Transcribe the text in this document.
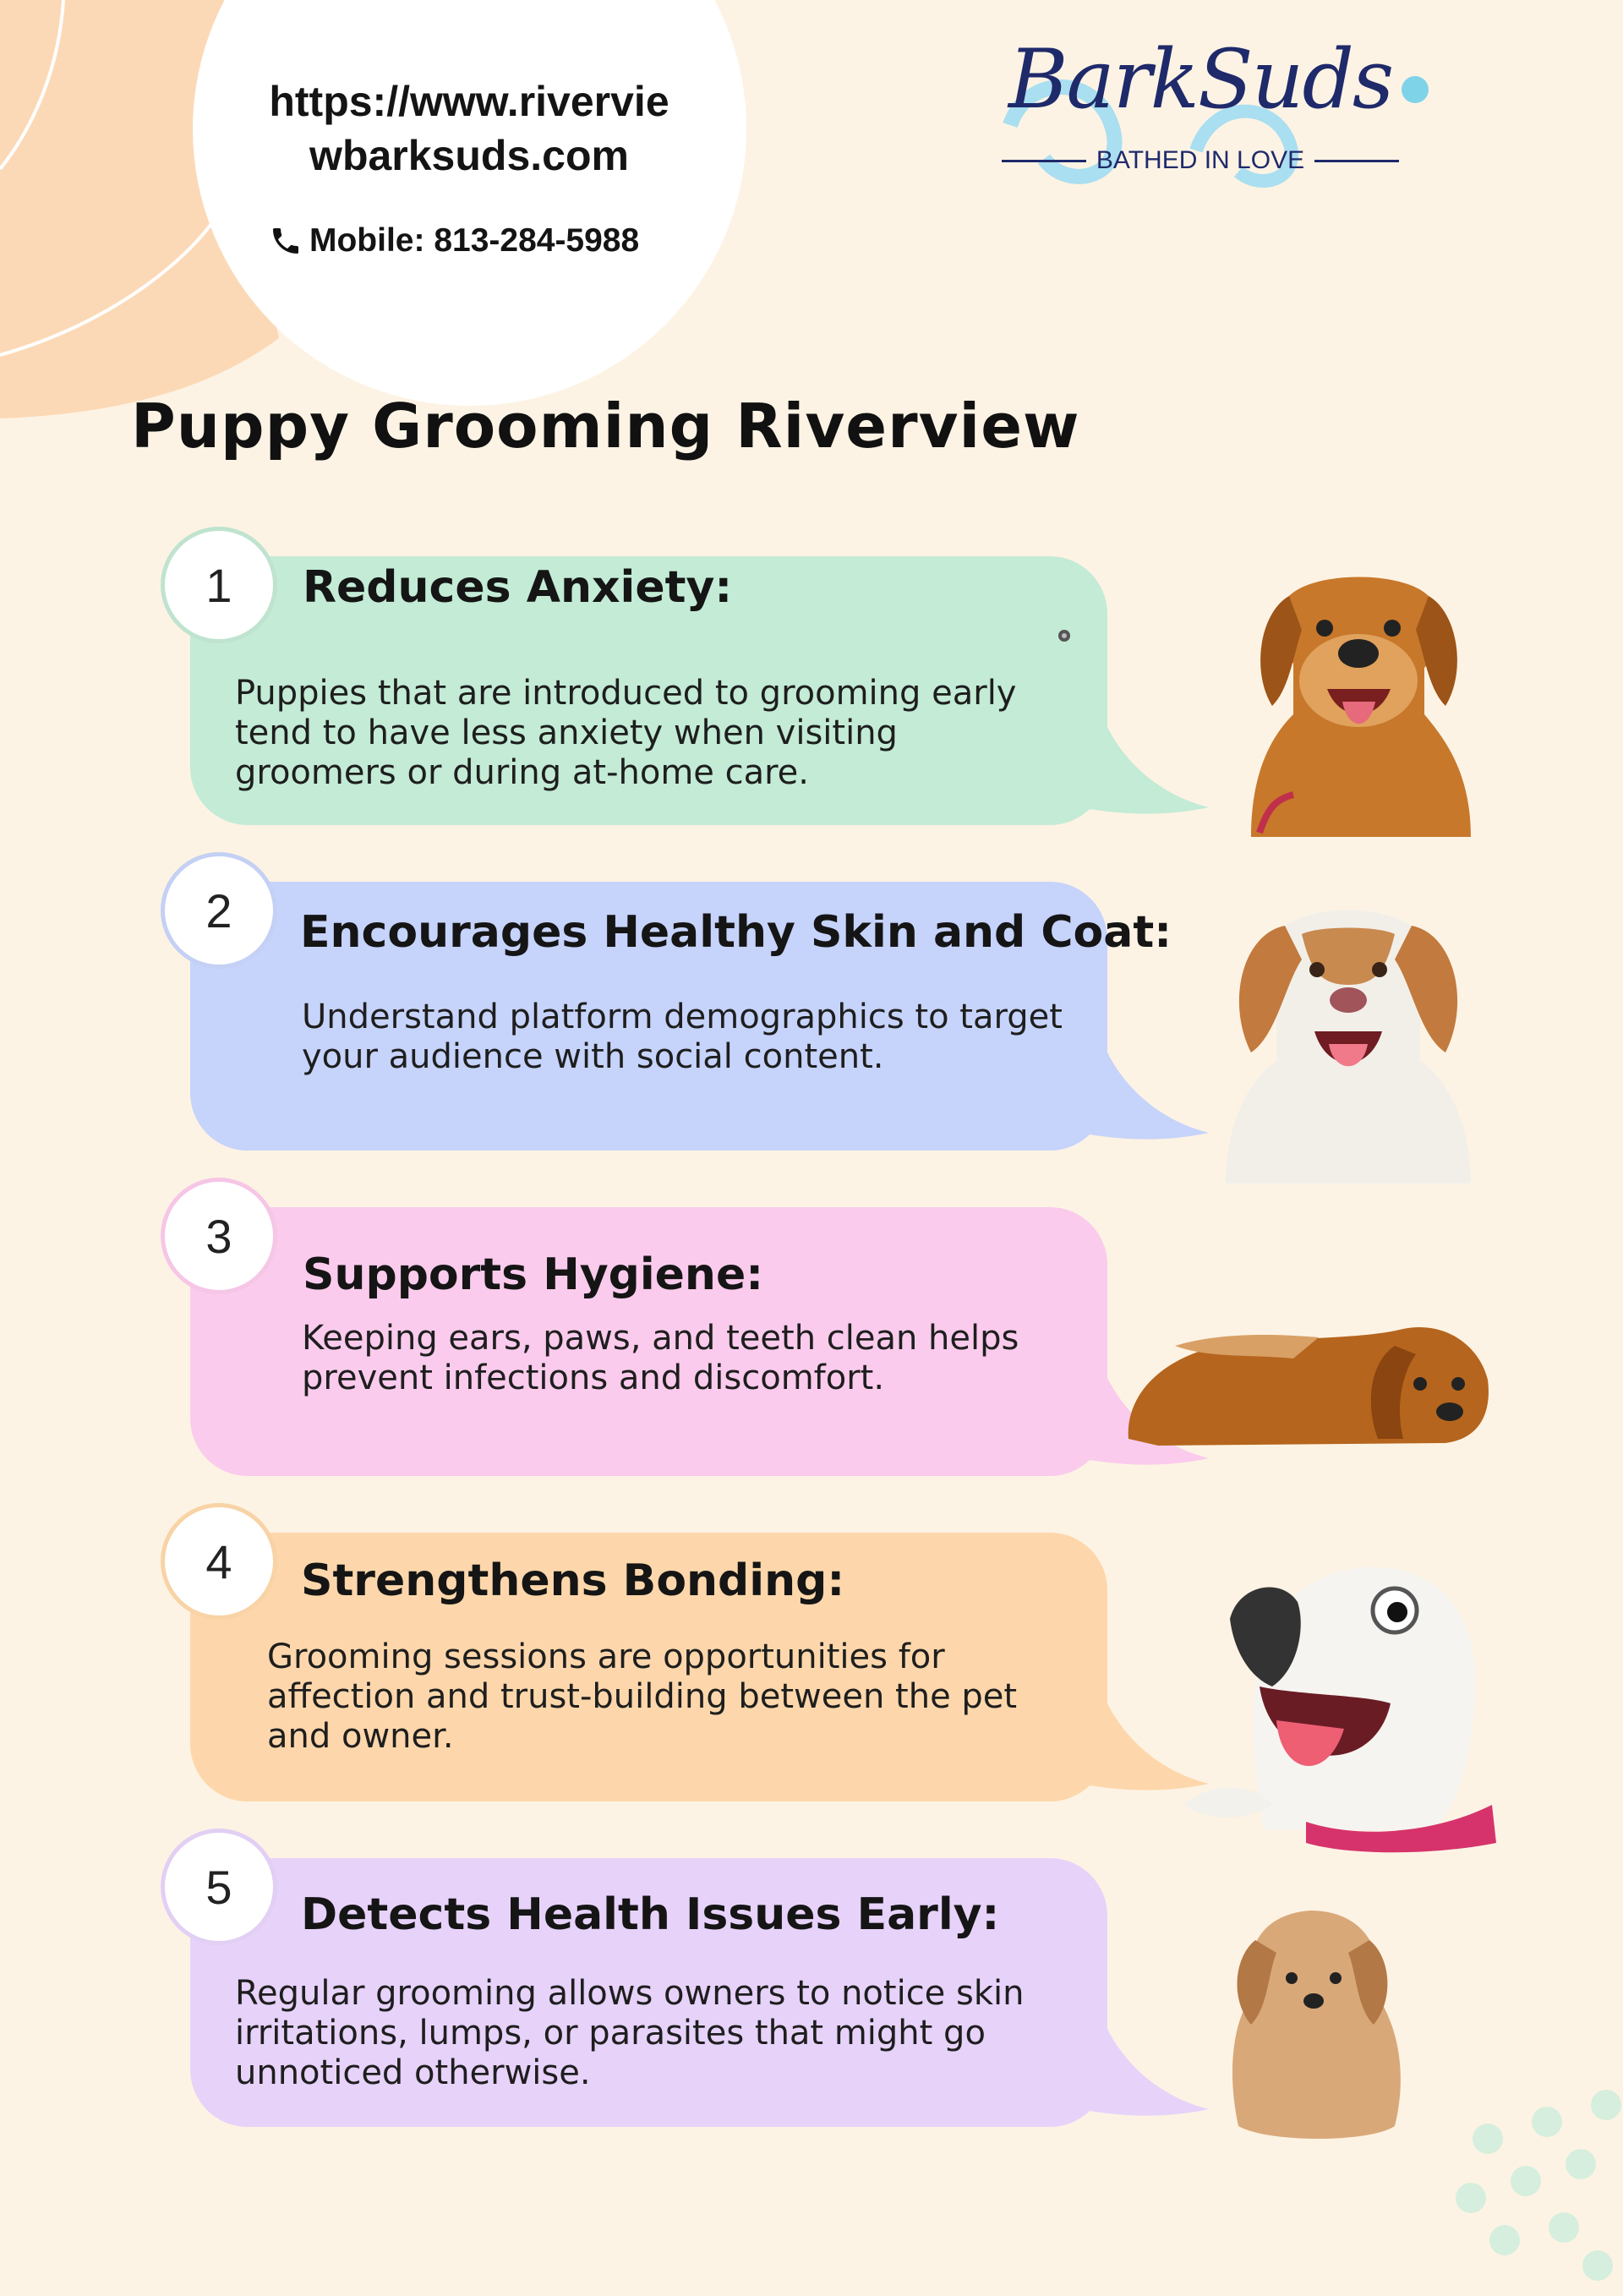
https://www.rivervie
wbarksuds.com
Mobile: 813-284-5988
BarkSuds
BATHED IN LOVE
Puppy Grooming Riverview
1	Reduces Anxiety:
Puppies that are introduced to grooming early
tend to have less anxiety when visiting
groomers or during at-home care.
2	Encourages Healthy Skin and Coat:
Understand platform demographics to target
your audience with social content.
3
Supports Hygiene:
Keeping ears, paws, and teeth clean helps
prevent infections and discomfort.
4	Strengthens Bonding:
Grooming sessions are opportunities for
affection and trust-building between the pet
and owner.
5
Detects Health Issues Early:
Regular grooming allows owners to notice skin
irritations, lumps, or parasites that might go
unnoticed otherwise.
